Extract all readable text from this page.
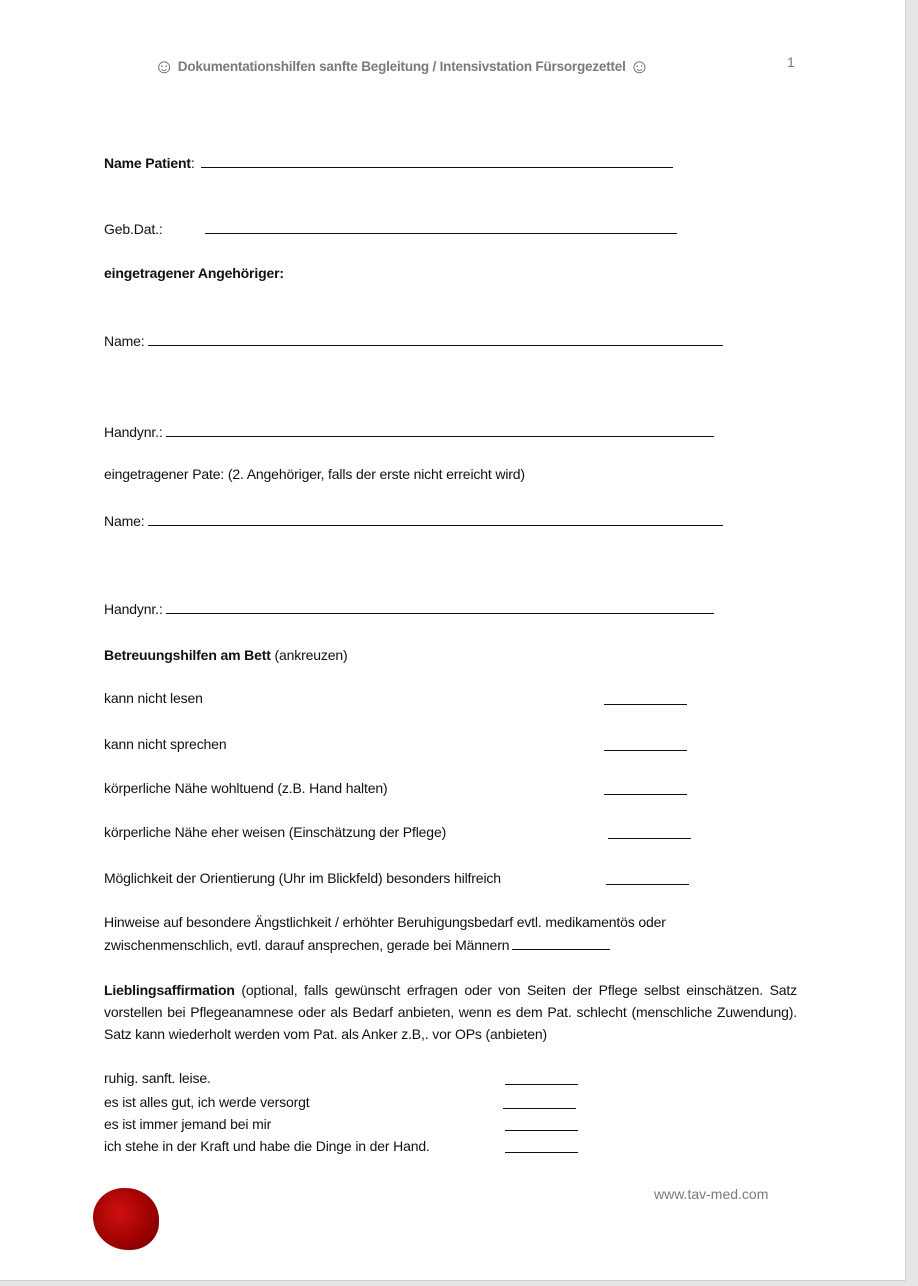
☺ Dokumentationshilfen sanfte Begleitung / Intensivstation Fürsorgezettel ☺	1
Name Patient:
Geb.Dat.:
eingetragener Angehöriger:
Name:
Handynr.:
eingetragener Pate: (2. Angehöriger, falls der erste nicht erreicht wird)
Name:
Handynr.:
Betreuungshilfen am Bett (ankreuzen)
kann nicht lesen
kann nicht sprechen
körperliche Nähe wohltuend (z.B. Hand halten)
körperliche Nähe eher weisen (Einschätzung der Pflege)
Möglichkeit der Orientierung (Uhr im Blickfeld) besonders hilfreich
Hinweise auf besondere Ängstlichkeit / erhöhter Beruhigungsbedarf evtl. medikamentös oder
zwischenmenschlich, evtl. darauf ansprechen, gerade bei Männern
Lieblingsaffirmation (optional, falls gewünscht erfragen oder von Seiten der Pflege selbst einschätzen. Satz vorstellen bei Pflegeanamnese oder als Bedarf anbieten, wenn es dem Pat. schlecht (menschliche Zuwendung). Satz kann wiederholt werden vom Pat. als Anker z.B,. vor OPs (anbieten)
ruhig. sanft. leise.
es ist alles gut, ich werde versorgt
es ist immer jemand bei mir
ich stehe in der Kraft und habe die Dinge in der Hand.
www.tav-med.com
